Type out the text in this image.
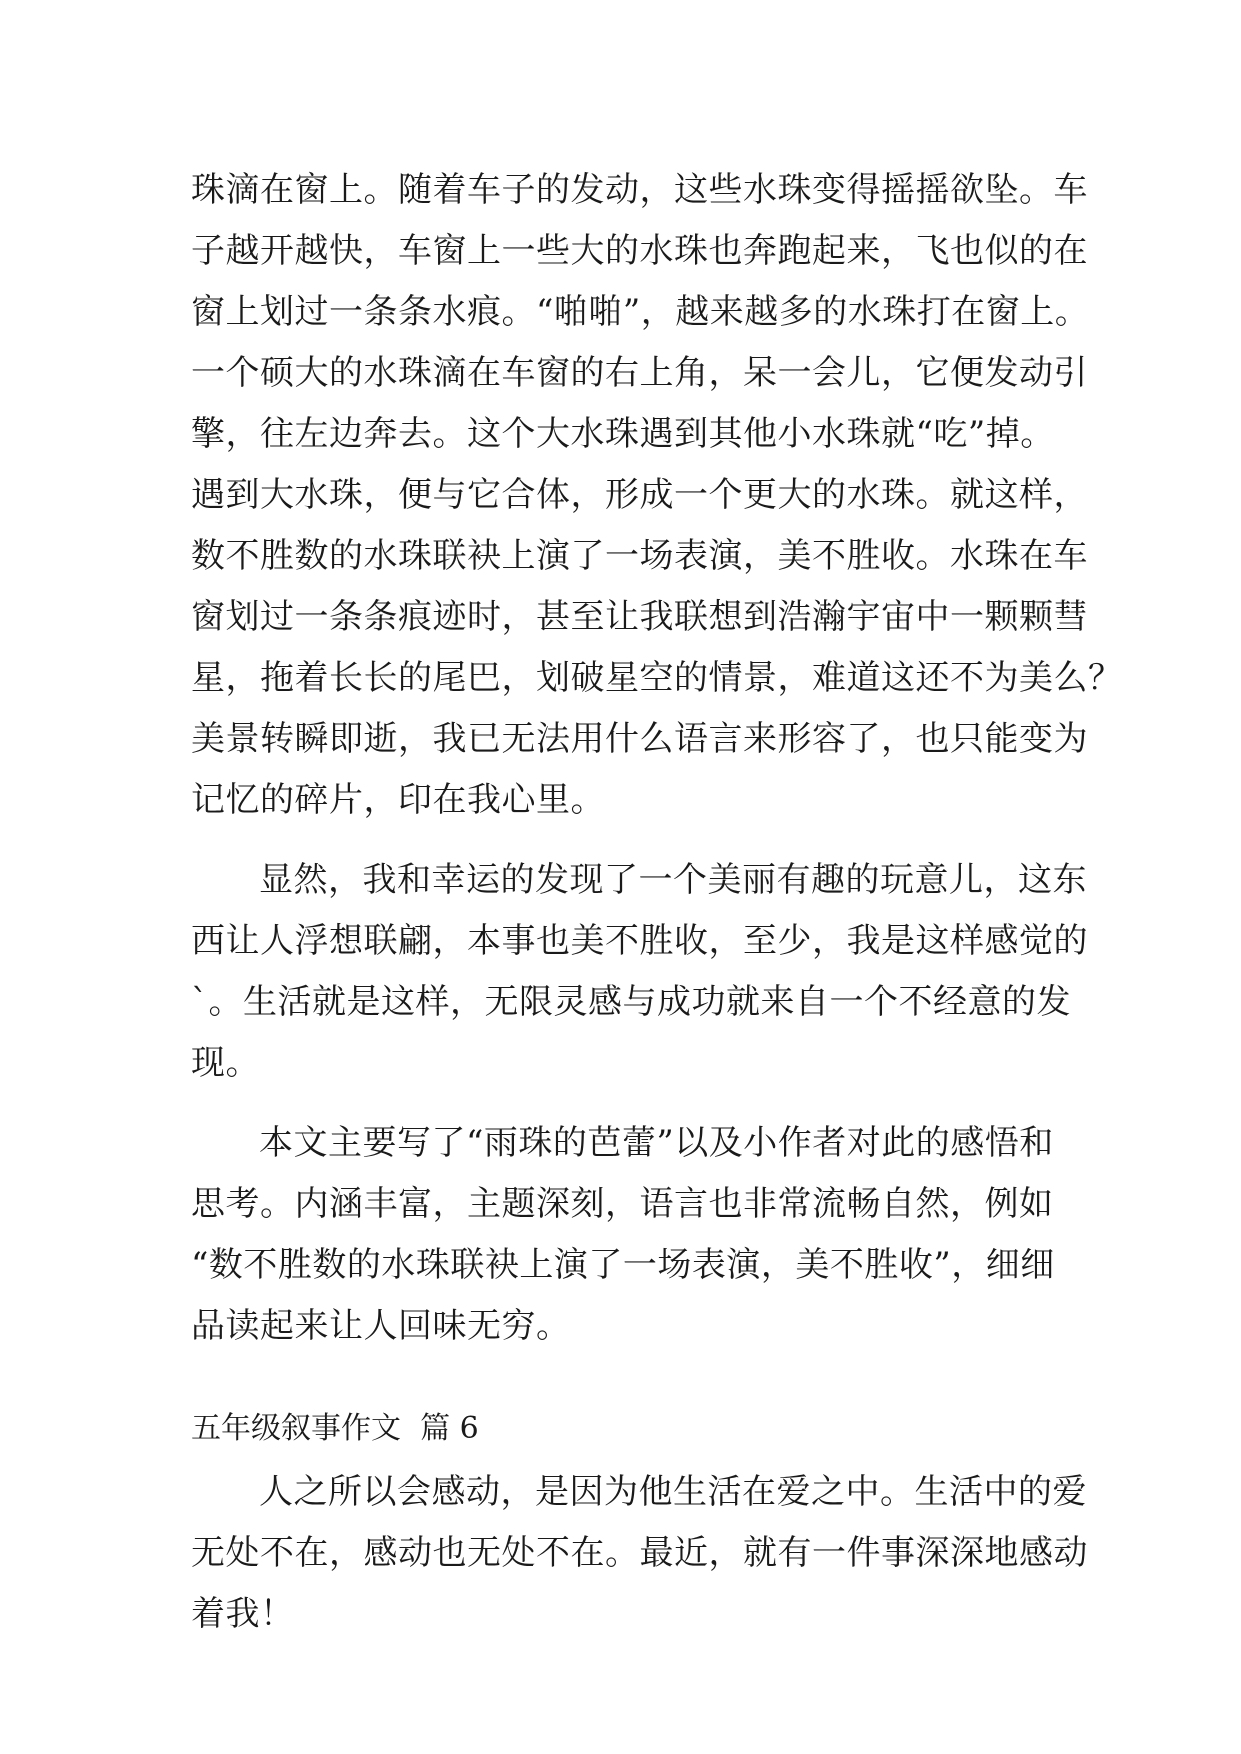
珠滴在窗上。随着车子的发动，这些水珠变得摇摇欲坠。车
子越开越快，车窗上一些大的水珠也奔跑起来，飞也似的在
窗上划过一条条水痕。“啪啪”，越来越多的水珠打在窗上。
一个硕大的水珠滴在车窗的右上角，呆一会儿，它便发动引
擎，往左边奔去。这个大水珠遇到其他小水珠就“吃”掉。
遇到大水珠，便与它合体，形成一个更大的水珠。就这样，
数不胜数的水珠联袂上演了一场表演，美不胜收。水珠在车
窗划过一条条痕迹时，甚至让我联想到浩瀚宇宙中一颗颗彗
星，拖着长长的尾巴，划破星空的情景，难道这还不为美么？
美景转瞬即逝，我已无法用什么语言来形容了，也只能变为
记忆的碎片，印在我心里。
显然，我和幸运的发现了一个美丽有趣的玩意儿，这东
西让人浮想联翩，本事也美不胜收，至少，我是这样感觉的
`。生活就是这样，无限灵感与成功就来自一个不经意的发
现。
本文主要写了“雨珠的芭蕾”以及小作者对此的感悟和
思考。内涵丰富，主题深刻，语言也非常流畅自然，例如
“数不胜数的水珠联袂上演了一场表演，美不胜收”，细细
品读起来让人回味无穷。
五年级叙事作文  篇 6
人之所以会感动，是因为他生活在爱之中。生活中的爱
无处不在，感动也无处不在。最近，就有一件事深深地感动
着我！
